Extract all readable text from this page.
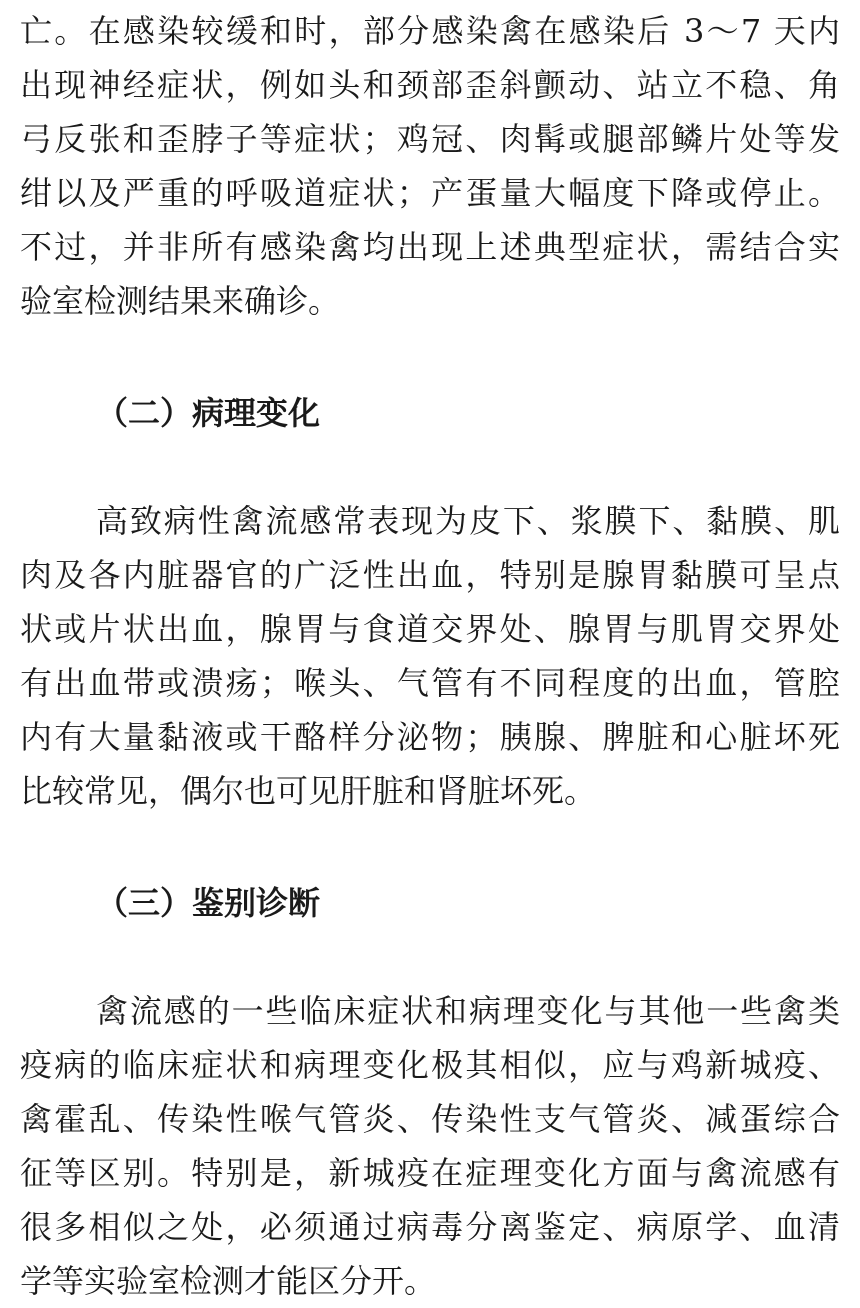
亡。在感染较缓和时，部分感染禽在感染后 3～7 天内
出现神经症状，例如头和颈部歪斜颤动、站立不稳、角
弓反张和歪脖子等症状；鸡冠、肉髯或腿部鳞片处等发
绀以及严重的呼吸道症状；产蛋量大幅度下降或停止。
不过，并非所有感染禽均出现上述典型症状，需结合实
验室检测结果来确诊。
（二）病理变化
高致病性禽流感常表现为皮下、浆膜下、黏膜、肌
肉及各内脏器官的广泛性出血，特别是腺胃黏膜可呈点
状或片状出血，腺胃与食道交界处、腺胃与肌胃交界处
有出血带或溃疡；喉头、气管有不同程度的出血，管腔
内有大量黏液或干酪样分泌物；胰腺、脾脏和心脏坏死
比较常见，偶尔也可见肝脏和肾脏坏死。
（三）鉴别诊断
禽流感的一些临床症状和病理变化与其他一些禽类
疫病的临床症状和病理变化极其相似，应与鸡新城疫、
禽霍乱、传染性喉气管炎、传染性支气管炎、减蛋综合
征等区别。特别是，新城疫在症理变化方面与禽流感有
很多相似之处，必须通过病毒分离鉴定、病原学、血清
学等实验室检测才能区分开。
